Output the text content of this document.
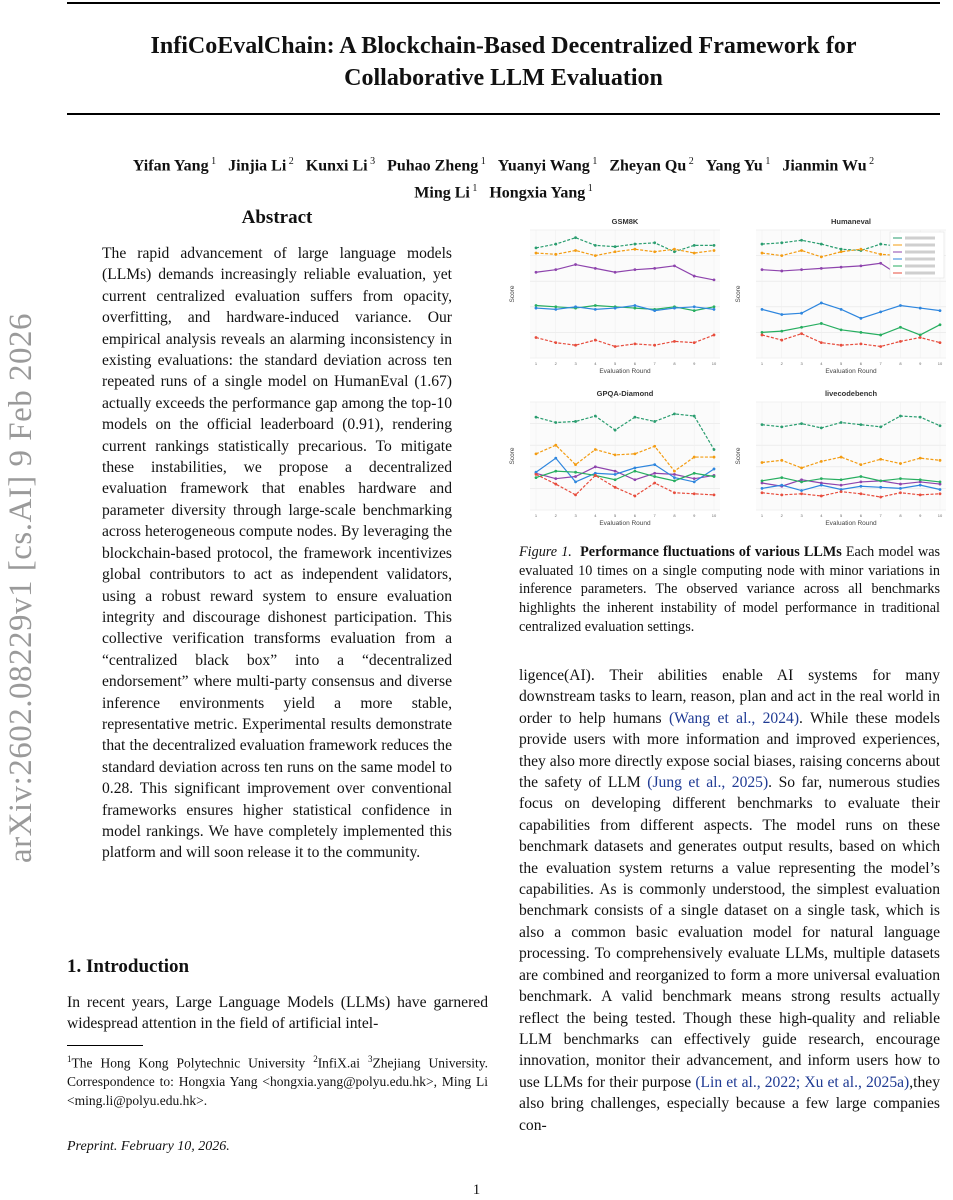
InfiCoEvalChain: A Blockchain-Based Decentralized Framework for
Collaborative LLM Evaluation
Yifan Yang $^1$ Jinjia Li $^2$ Kunxi Li $^3$ Puhao Zheng $^1$ Yuanyi Wang $^1$ Zheyan Qu $^2$ Yang Yu $^1$ Jianmin Wu $^2$
Ming Li $^1$ Hongxia Yang $^1$
arXiv:2602.08229v1 [cs.AI] 9 Feb 2026
Abstract
The rapid advancement of large language models (LLMs) demands increasingly reliable evaluation, yet current centralized evaluation suffers from opacity, overfitting, and hardware-induced variance. Our empirical analysis reveals an alarming inconsistency in existing evaluations: the standard deviation across ten repeated runs of a single model on HumanEval (1.67) actually exceeds the performance gap among the top-10 models on the official leaderboard (0.91), rendering current rankings statistically precarious. To mitigate these instabilities, we propose a decentralized evaluation framework that enables hardware and parameter diversity through large-scale benchmarking across heterogeneous compute nodes. By leveraging the blockchain-based protocol, the framework incentivizes global contributors to act as independent validators, using a robust reward system to ensure evaluation integrity and discourage dishonest participation. This collective verification transforms evaluation from a “centralized black box” into a “decentralized endorsement” where multi-party consensus and diverse inference environments yield a more stable, representative metric. Experimental results demonstrate that the decentralized evaluation framework reduces the standard deviation across ten runs on the same model to 0.28. This significant improvement over conventional frameworks ensures higher statistical confidence in model rankings. We have completely implemented this platform and will soon release it to the community.
1. Introduction
In recent years, Large Language Models (LLMs) have garnered widespread attention in the field of artificial intel-
$^1$The Hong Kong Polytechnic University $^2$InfiX.ai $^3$Zhejiang University. Correspondence to: Hongxia Yang <hongxia.yang@polyu.edu.hk>, Ming Li <ming.li@polyu.edu.hk>.
Preprint. February 10, 2026.
1
1	2	3	4	5	6	7	8	9	10
GSM8K
Evaluation Round
Score
1	2	3	4	5	6	7	8	9	10
Humaneval
Evaluation Round
Score
1	2	3	4	5	6	7	8	9	10
GPQA-Diamond
Evaluation Round
Score
1	2	3	4	5	6	7	8	9	10
livecodebench
Evaluation Round
Score
Figure 1. Performance fluctuations of various LLMs Each model was evaluated 10 times on a single computing node with minor variations in inference parameters. The observed variance across all benchmarks highlights the inherent instability of model performance in traditional centralized evaluation settings.
ligence(AI). Their abilities enable AI systems for many downstream tasks to learn, reason, plan and act in the real world in order to help humans (Wang et al., 2024). While these models provide users with more information and improved experiences, they also more directly expose social biases, raising concerns about the safety of LLM (Jung et al., 2025). So far, numerous studies focus on developing different benchmarks to evaluate their capabilities from different aspects. The model runs on these benchmark datasets and generates output results, based on which the evaluation system returns a value representing the model’s capabilities. As is commonly understood, the simplest evaluation benchmark consists of a single dataset on a single task, which is also a common basic evaluation model for natural language processing. To comprehensively evaluate LLMs, multiple datasets are combined and reorganized to form a more universal evaluation benchmark. A valid benchmark means strong results actually reflect the being tested. Though these high-quality and reliable LLM benchmarks can effectively guide research, encourage innovation, monitor their advancement, and inform users how to use LLMs for their purpose (Lin et al., 2022; Xu et al., 2025a),they also bring challenges, especially because a few large companies con-
